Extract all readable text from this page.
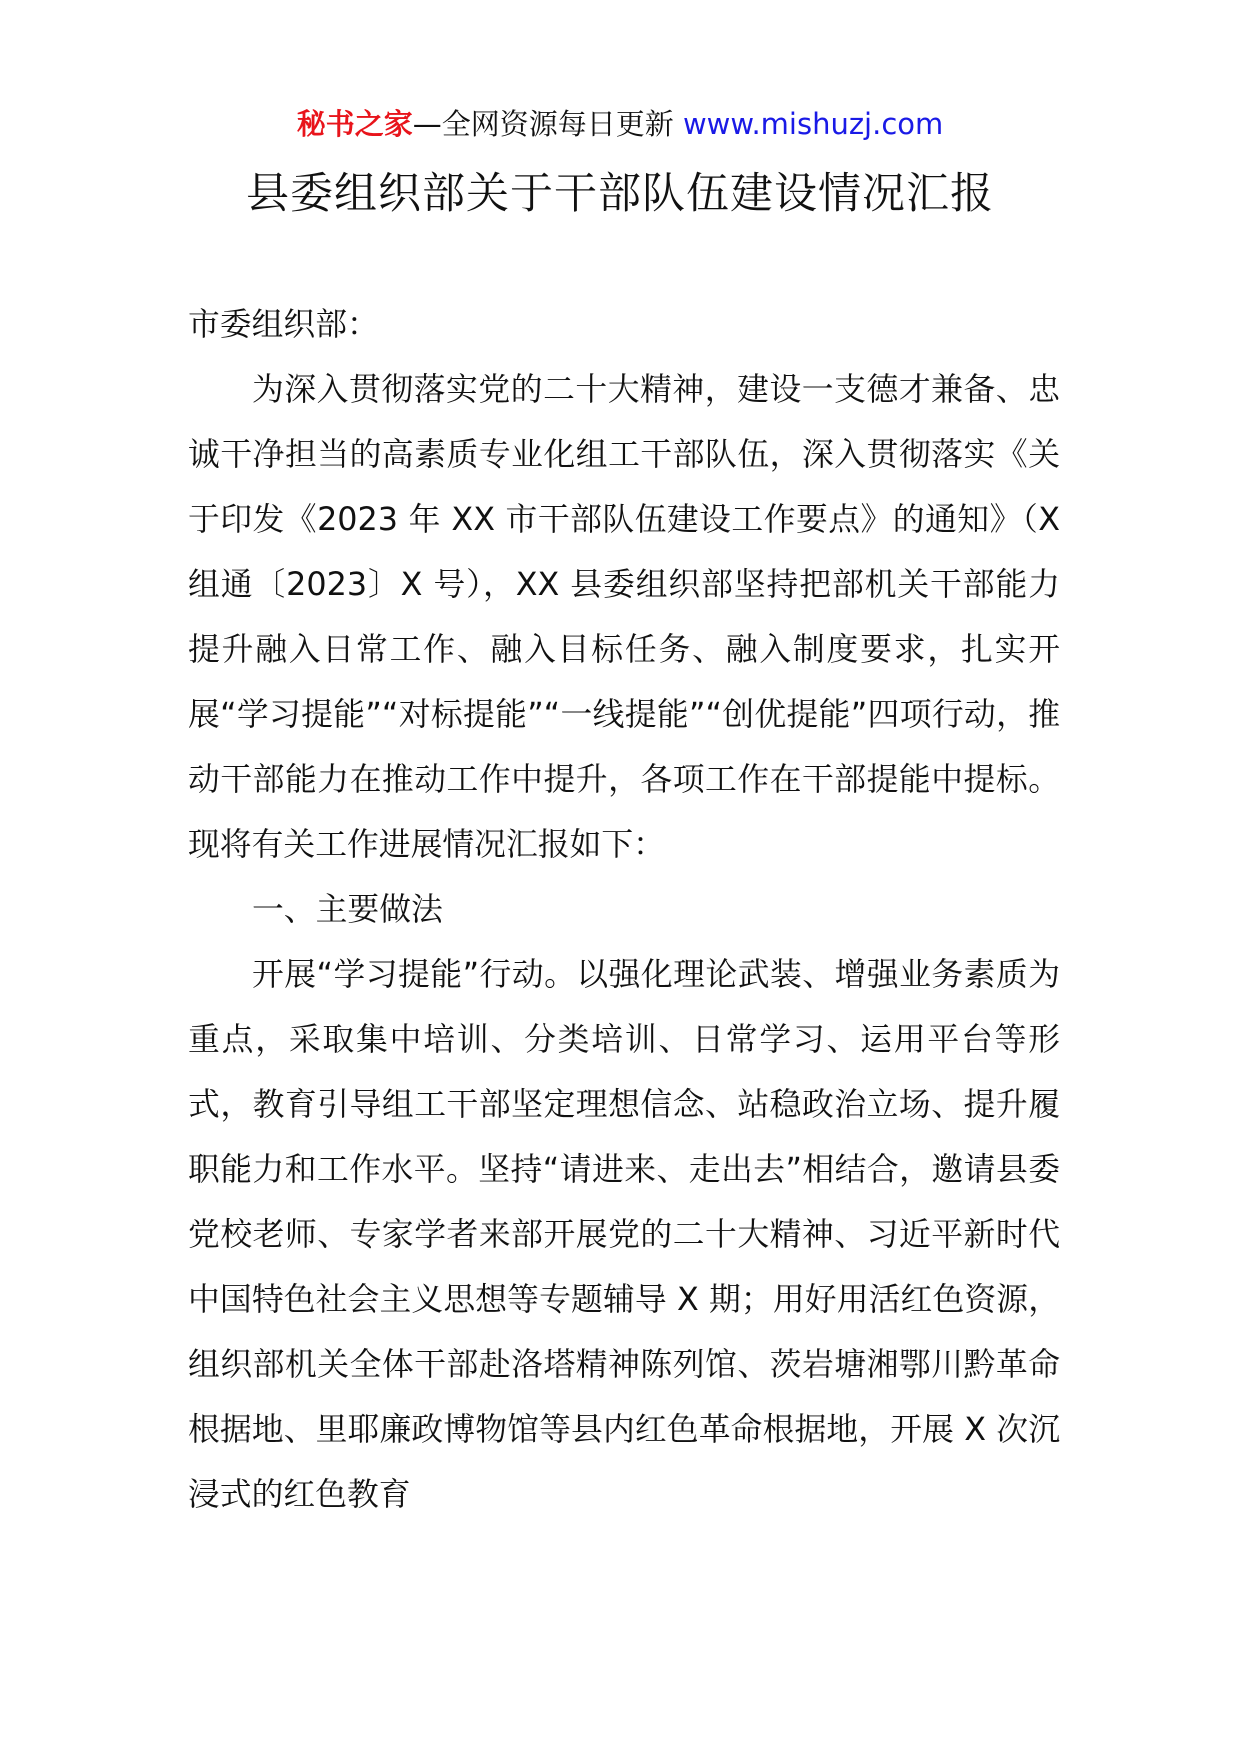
秘书之家—全网资源每日更新 www.mishuzj.com
县委组织部关于干部队伍建设情况汇报

市委组织部：

为深入贯彻落实党的二十大精神，建设一支德才兼备、忠诚干净担当的高素质专业化组工干部队伍，深入贯彻落实《关于印发《2023 年 XX 市干部队伍建设工作要点》的通知》（X 组通〔2023〕X 号），XX 县委组织部坚持把部机关干部能力提升融入日常工作、融入目标任务、融入制度要求，扎实开展“学习提能”“对标提能”“一线提能”“创优提能”四项行动，推动干部能力在推动工作中提升，各项工作在干部提能中提标。现将有关工作进展情况汇报如下：

一、主要做法

开展“学习提能”行动。以强化理论武装、增强业务素质为重点，采取集中培训、分类培训、日常学习、运用平台等形式，教育引导组工干部坚定理想信念、站稳政治立场、提升履职能力和工作水平。坚持“请进来、走出去”相结合，邀请县委党校老师、专家学者来部开展党的二十大精神、习近平新时代中国特色社会主义思想等专题辅导 X 期；用好用活红色资源，组织部机关全体干部赴洛塔精神陈列馆、茨岩塘湘鄂川黔革命根据地、里耶廉政博物馆等县内红色革命根据地，开展 X 次沉浸式的红色教育
